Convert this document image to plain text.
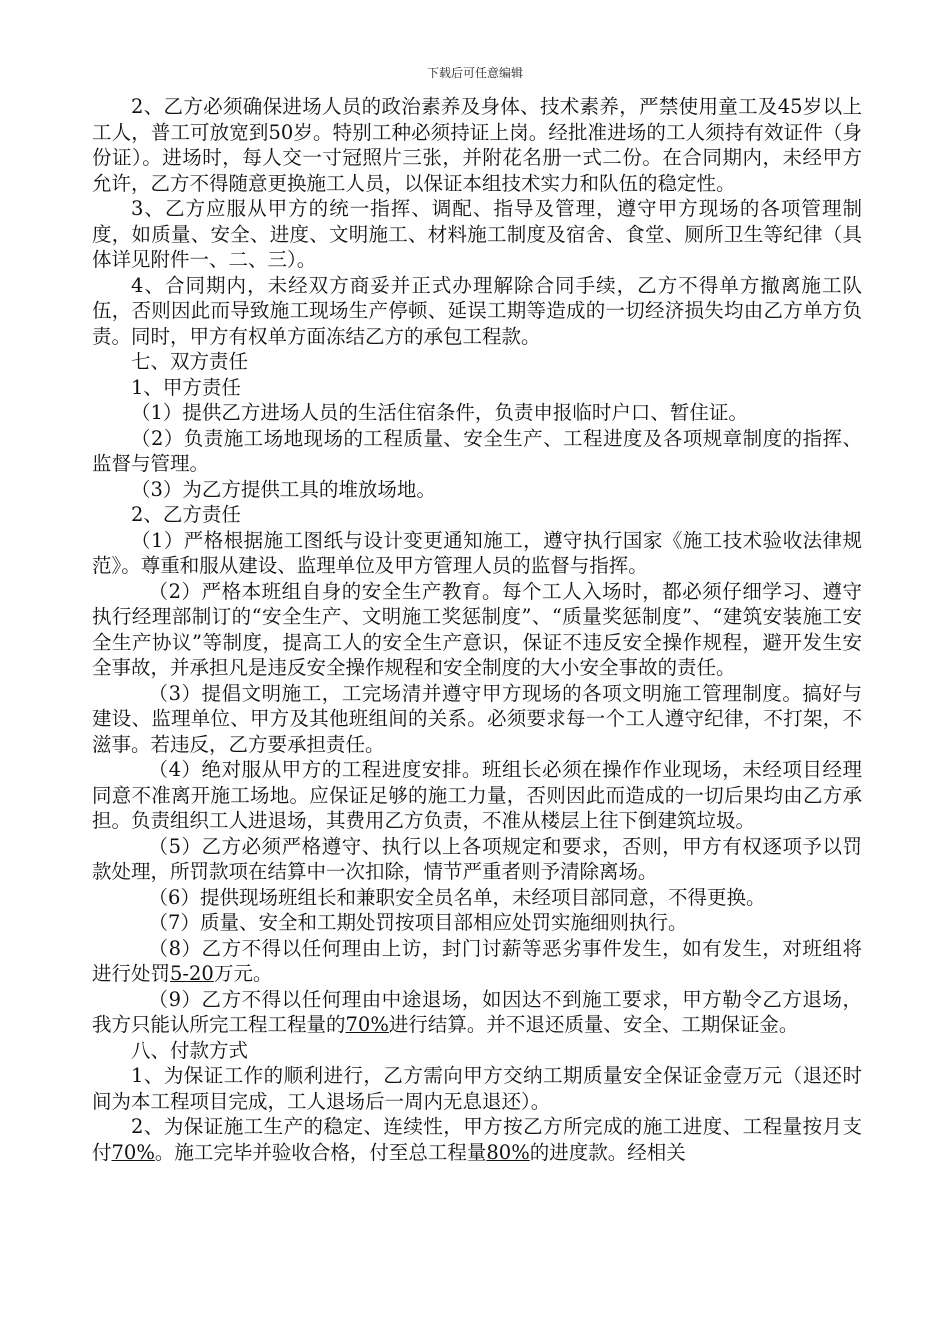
下载后可任意编辑

2、乙方必须确保进场人员的政治素养及身体、技术素养，严禁使用童工及45岁以上工人，普工可放宽到50岁。特别工种必须持证上岗。经批准进场的工人须持有效证件（身份证）。进场时，每人交一寸冠照片三张，并附花名册一式二份。在合同期内，未经甲方允许，乙方不得随意更换施工人员，以保证本组技术实力和队伍的稳定性。

3、乙方应服从甲方的统一指挥、调配、指导及管理，遵守甲方现场的各项管理制度，如质量、安全、进度、文明施工、材料施工制度及宿舍、食堂、厕所卫生等纪律（具体详见附件一、二、三）。

4、合同期内，未经双方商妥并正式办理解除合同手续，乙方不得单方撤离施工队伍，否则因此而导致施工现场生产停顿、延误工期等造成的一切经济损失均由乙方单方负责。同时，甲方有权单方面冻结乙方的承包工程款。

七、双方责任

1、甲方责任

（1）提供乙方进场人员的生活住宿条件，负责申报临时户口、暂住证。

（2）负责施工场地现场的工程质量、安全生产、工程进度及各项规章制度的指挥、监督与管理。

（3）为乙方提供工具的堆放场地。

2、乙方责任

（1）严格根据施工图纸与设计变更通知施工，遵守执行国家《施工技术验收法律规范》。尊重和服从建设、监理单位及甲方管理人员的监督与指挥。

（2）严格本班组自身的安全生产教育。每个工人入场时，都必须仔细学习、遵守执行经理部制订的“安全生产、文明施工奖惩制度”、“质量奖惩制度”、“建筑安装施工安全生产协议”等制度，提高工人的安全生产意识，保证不违反安全操作规程，避开发生安全事故，并承担凡是违反安全操作规程和安全制度的大小安全事故的责任。

（3）提倡文明施工，工完场清并遵守甲方现场的各项文明施工管理制度。搞好与建设、监理单位、甲方及其他班组间的关系。必须要求每一个工人遵守纪律，不打架，不滋事。若违反，乙方要承担责任。

（4）绝对服从甲方的工程进度安排。班组长必须在操作作业现场，未经项目经理同意不准离开施工场地。应保证足够的施工力量，否则因此而造成的一切后果均由乙方承担。负责组织工人进退场，其费用乙方负责，不准从楼层上往下倒建筑垃圾。

（5）乙方必须严格遵守、执行以上各项规定和要求，否则，甲方有权逐项予以罚款处理，所罚款项在结算中一次扣除，情节严重者则予清除离场。

（6）提供现场班组长和兼职安全员名单，未经项目部同意，不得更换。

（7）质量、安全和工期处罚按项目部相应处罚实施细则执行。

（8）乙方不得以任何理由上访，封门讨薪等恶劣事件发生，如有发生，对班组将进行处罚5-20万元。

（9）乙方不得以任何理由中途退场，如因达不到施工要求，甲方勒令乙方退场，我方只能认所完工程工程量的70%进行结算。并不退还质量、安全、工期保证金。

八、付款方式

1、为保证工作的顺利进行，乙方需向甲方交纳工期质量安全保证金壹万元（退还时间为本工程项目完成，工人退场后一周内无息退还）。

2、为保证施工生产的稳定、连续性，甲方按乙方所完成的施工进度、工程量按月支付70%。施工完毕并验收合格，付至总工程量80%的进度款。经相关
